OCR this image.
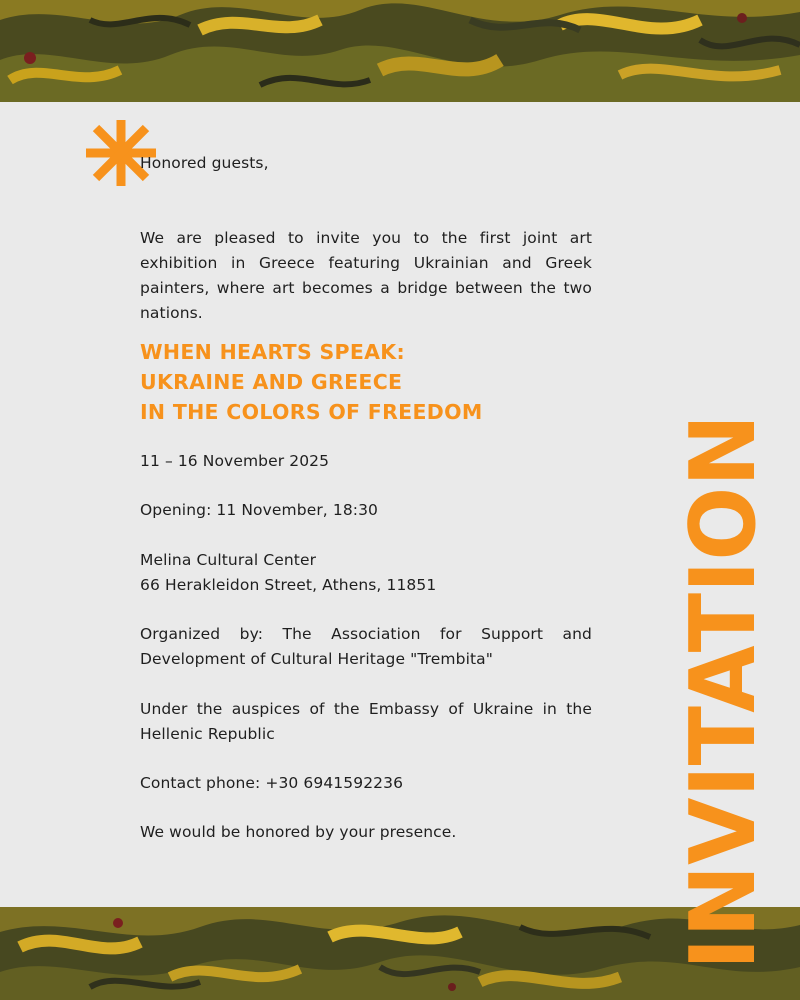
Honored guests,
We are pleased to invite you to the first joint art exhibition in Greece featuring Ukrainian and Greek painters, where art becomes a bridge between the two nations.
WHEN HEARTS SPEAK:
UKRAINE AND GREECE
IN THE COLORS OF FREEDOM
11 – 16 November 2025
Opening: 11 November, 18:30
Melina Cultural Center
66 Herakleidon Street, Athens, 11851
Organized by: The Association for Support and Development of Cultural Heritage "Trembita"
Under the auspices of the Embassy of Ukraine in the Hellenic Republic
Contact phone: +30 6941592236
We would be honored by your presence.	INVITATION
